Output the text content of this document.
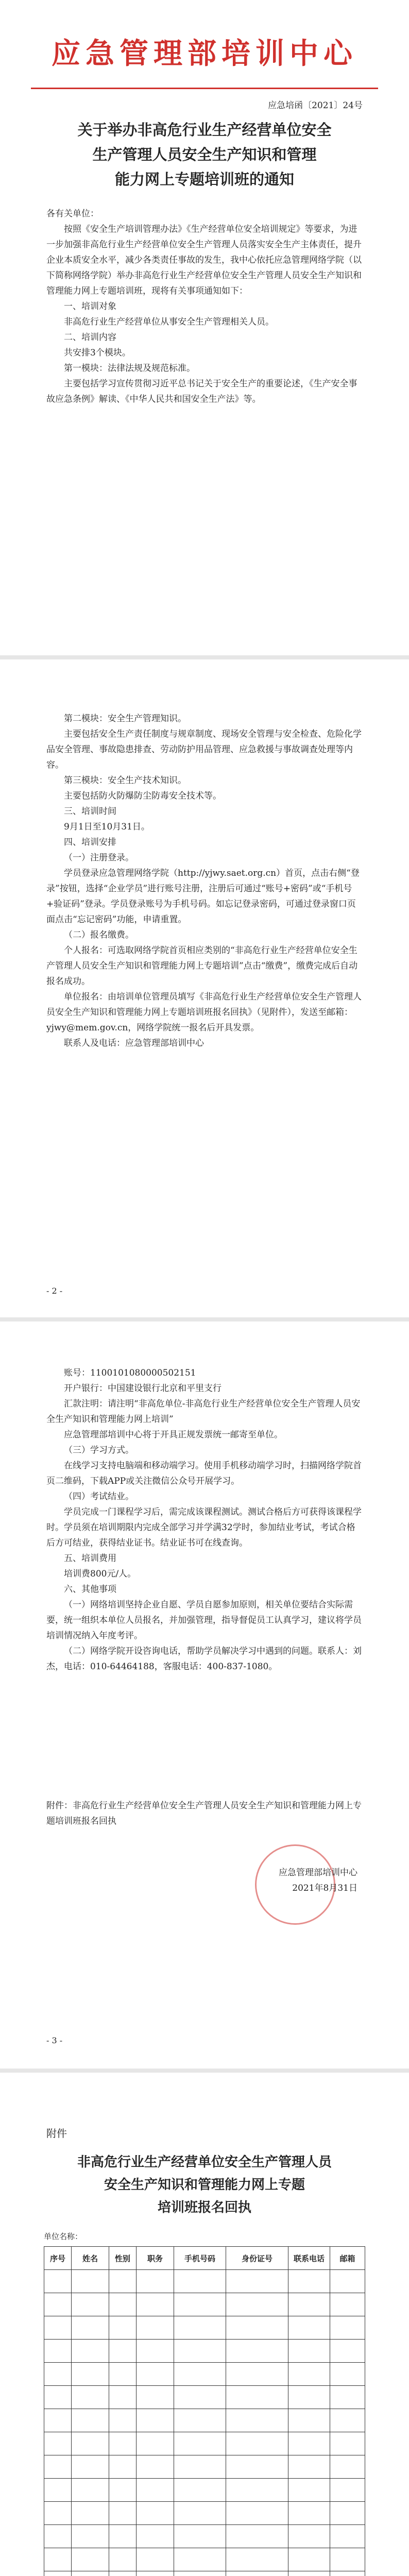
应急管理部培训中心
应急培函〔2021〕24号
关于举办非高危行业生产经营单位安全
生产管理人员安全生产知识和管理
能力网上专题培训班的通知

各有关单位：

按照《安全生产培训管理办法》《生产经营单位安全培训规定》等要求，为进一步加强非高危行业生产经营单位安全生产管理人员落实安全生产主体责任，提升企业本质安全水平，减少各类责任事故的发生，我中心依托应急管理网络学院（以下简称网络学院）举办非高危行业生产经营单位安全生产管理人员安全生产知识和管理能力网上专题培训班，现将有关事项通知如下：

一、培训对象

非高危行业生产经营单位从事安全生产管理相关人员。

二、培训内容

共安排3个模块。

第一模块：法律法规及规范标准。

主要包括学习宣传贯彻习近平总书记关于安全生产的重要论述，《生产安全事故应急条例》解读、《中华人民共和国安全生产法》等。

第二模块：安全生产管理知识。

主要包括安全生产责任制度与规章制度、现场安全管理与安全检查、危险化学品安全管理、事故隐患排查、劳动防护用品管理、应急救援与事故调查处理等内容。

第三模块：安全生产技术知识。

主要包括防火防爆防尘防毒安全技术等。

三、培训时间

9月1日至10月31日。

四、培训安排

（一）注册登录。

学员登录应急管理网络学院（http://yjwy.saet.org.cn）首页，点击右侧“登录”按钮，选择“企业学员”进行账号注册，注册后可通过“账号+密码”或“手机号+验证码”登录。学员登录账号为手机号码。如忘记登录密码，可通过登录窗口页面点击“忘记密码”功能，申请重置。

（二）报名缴费。

个人报名：可选取网络学院首页相应类别的“非高危行业生产经营单位安全生产管理人员安全生产知识和管理能力网上专题培训”点击“缴费”，缴费完成后自动报名成功。

单位报名：由培训单位管理员填写《非高危行业生产经营单位安全生产管理人员安全生产知识和管理能力网上专题培训班报名回执》（见附件），发送至邮箱：yjwy@mem.gov.cn，网络学院统一报名后开具发票。

联系人及电话：应急管理部培训中心

- 2 -

账号：1100101080000502151

开户银行：中国建设银行北京和平里支行

汇款注明：请注明“非高危单位-非高危行业生产经营单位安全生产管理人员安全生产知识和管理能力网上培训”

应急管理部培训中心将于开具正规发票统一邮寄至单位。

（三）学习方式。

在线学习支持电脑端和移动端学习。使用手机移动端学习时，扫描网络学院首页二维码，下载APP或关注微信公众号开展学习。

（四）考试结业。

学员完成一门课程学习后，需完成该课程测试。测试合格后方可获得该课程学时。学员须在培训期限内完成全部学习并学满32学时，参加结业考试，考试合格后方可结业，获得结业证书。结业证书可在线查询。

五、培训费用

培训费800元/人。

六、其他事项

（一）网络培训坚持企业自愿、学员自愿参加原则，相关单位要结合实际需要，统一组织本单位人员报名，并加强管理，指导督促员工认真学习，建议将学员培训情况纳入年度考评。

（二）网络学院开设咨询电话，帮助学员解决学习中遇到的问题。联系人：刘杰，电话：010-64464188，客服电话：400-837-1080。

附件：非高危行业生产经营单位安全生产管理人员安全生产知识和管理能力网上专题培训班报名回执
应急管理部培训中心
2021年8月31日
- 3 -
附件
非高危行业生产经营单位安全生产管理人员
安全生产知识和管理能力网上专题
培训班报名回执
单位名称：
序号	姓名	性别	职务	手机号码	身份证号	联系电话	邮箱
